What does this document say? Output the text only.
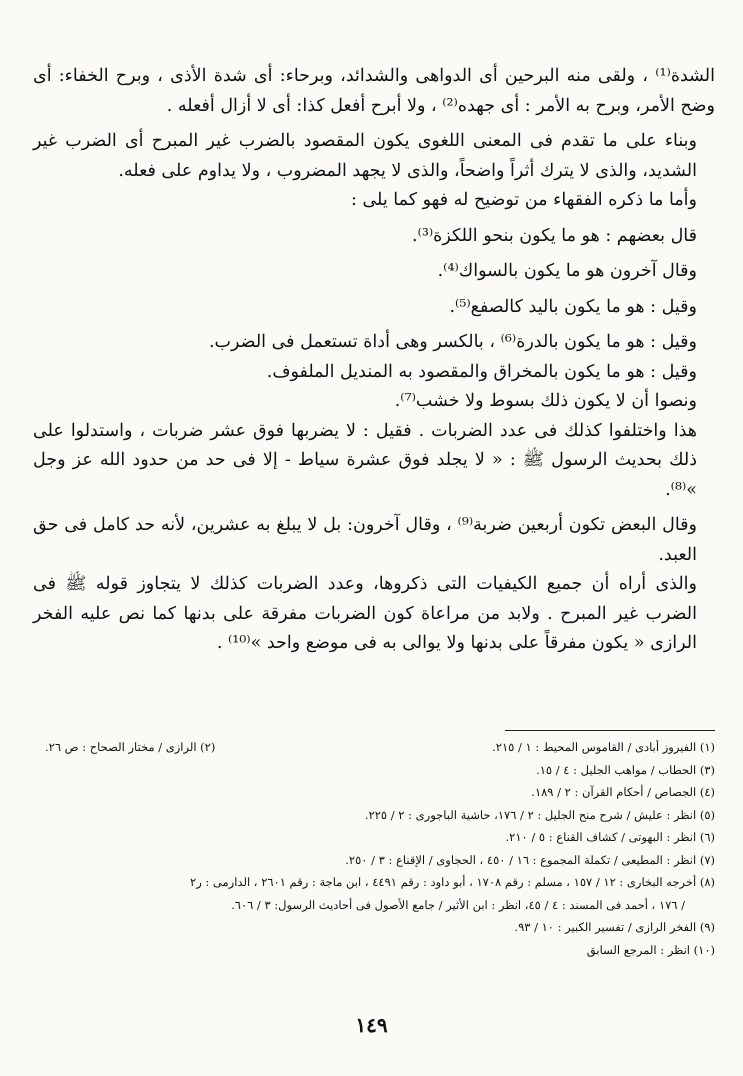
الشدة⁽¹⁾ ، ولقى منه البرحين أى الدواهى والشدائد، وبرحاء: أى شدة الأذى ، وبرح الخفاء: أى وضح الأمر، وبرح به الأمر : أى جهده⁽²⁾ ، ولا أبرح أفعل كذا: أى لا أزال أفعله .

وبناء على ما تقدم فى المعنى اللغوى يكون المقصود بالضرب غير المبرح أى الضرب غير الشديد، والذى لا يترك أثراً واضحاً، والذى لا يجهد المضروب ، ولا يداوم على فعله.

وأما ما ذكره الفقهاء من توضيح له فهو كما يلى :

قال بعضهم : هو ما يكون بنحو اللكزة⁽³⁾.

وقال آخرون هو ما يكون بالسواك⁽⁴⁾.

وقيل : هو ما يكون باليد كالصفع⁽⁵⁾.

وقيل : هو ما يكون بالدرة⁽⁶⁾ ، بالكسر وهى أداة تستعمل فى الضرب.

وقيل : هو ما يكون بالمخراق والمقصود به المنديل الملفوف.

ونصوا أن لا يكون ذلك بسوط ولا خشب⁽⁷⁾.

هذا واختلفوا كذلك فى عدد الضربات . فقيل : لا يضربها فوق عشر ضربات ، واستدلوا على ذلك بحديث الرسول ﷺ : « لا يجلد فوق عشرة سياط - إلا فى حد من حدود الله عز وجل »⁽⁸⁾.

وقال البعض تكون أربعين ضربة⁽⁹⁾ ، وقال آخرون: بل لا يبلغ به عشرين، لأنه حد كامل فى حق العبد.

والذى أراه أن جميع الكيفيات التى ذكروها، وعدد الضربات كذلك لا يتجاوز قوله ﷺ فى الضرب غير المبرح . ولابد من مراعاة كون الضربات مفرقة على بدنها كما نص عليه الفخر الرازى « يكون مفرقاً على بدنها ولا يوالى به فى موضع واحد »⁽¹⁰⁾ .

(١) الفيروز أبادى / القاموس المحيط : ١ / ٢١٥.
(٢) الرازى / مختار الصحاح : ص ٢٦.
(٣) الحطاب / مواهب الجليل : ٤ / ١٥.
(٤) الجصاص / أحكام القرآن : ٢ / ١٨٩.
(٥) انظر : عليش / شرح منح الجليل : ٢ / ١٧٦، حاشية الباجورى : ٢ / ٢٢٥.
(٦) انظر : البهوتى / كشاف القناع : ٥ / ٢١٠.
(٧) انظر : المطيعى / تكملة المجموع : ١٦ / ٤٥٠ ، الحجاوى / الإقناع : ٣ / ٢٥٠.
(٨) أخرجه البخارى : ١٢ / ١٥٧ ، مسلم : رقم ١٧٠٨ ، أبو داود : رقم ٤٤٩١ ، ابن ماجة : رقم ٢٦٠١ ، الدارمى : ر٢
/ ١٧٦ ، أحمد فى المسند : ٤ / ٤٥، انظر : ابن الأثير / جامع الأصول فى أحاديث الرسول: ٣ / ٦٠٦.
(٩) الفخر الرازى / تفسير الكبير : ١٠ / ٩٣.
(١٠) انظر : المرجع السابق
١٤٩
